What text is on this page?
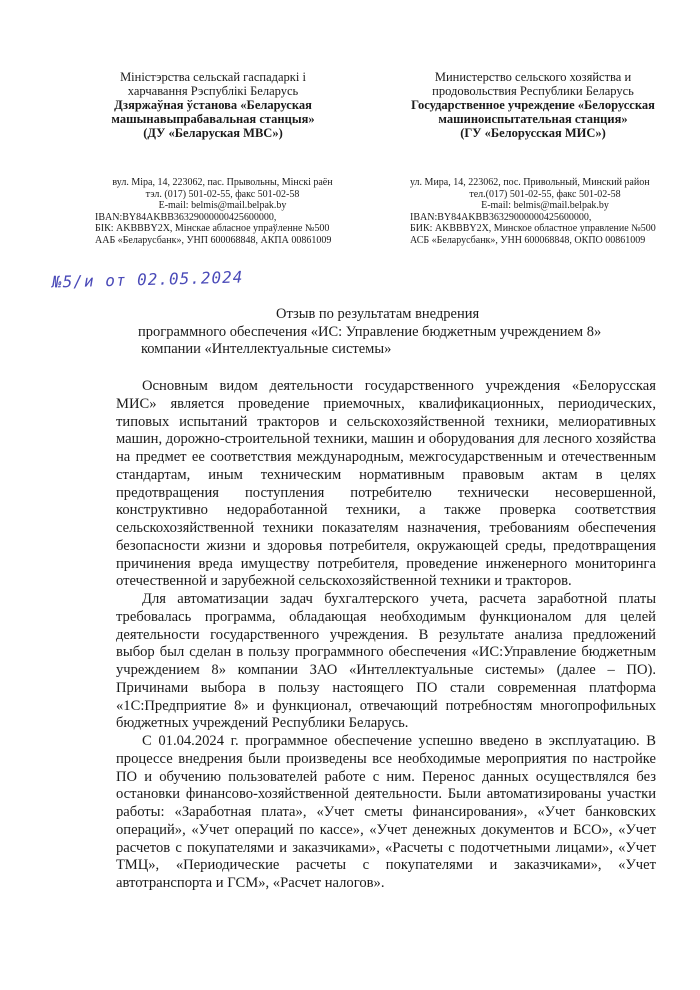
Міністэрства сельскай гаспадаркі і
харчавання Рэспублікі Беларусь
Дзяржаўная ўстанова «Беларуская
машынавыпрабавальная станцыя»
(ДУ «Беларуская МВС»)
Министерство сельского хозяйства и
продовольствия Республики Беларусь
Государственное учреждение «Белорусская
машиноиспытательная станция»
(ГУ «Белорусская МИС»)
вул. Міра, 14, 223062, пас. Прывольны, Мінскі раён
тэл. (017) 501-02-55, факс 501-02-58
E-mail: belmis@mail.belpak.by
IBAN:BY84AKBB36329000000425600000,
БІК: AKBBBY2X, Мінскае абласное упраўленне №500
ААБ «Беларусбанк», УНП 600068848, АКПА 00861009
ул. Мира, 14, 223062, пос. Привольный, Минский район
тел.(017) 501-02-55, факс 501-02-58
E-mail: belmis@mail.belpak.by
IBAN:BY84AKBB36329000000425600000,
БИК: AKBBBY2X, Минское областное управление №500
АСБ «Беларусбанк», УНН 600068848, ОКПО 00861009
№5/и от 02.05.2024
Отзыв по результатам внедрения
программного обеспечения «ИС: Управление бюджетным учреждением 8»
компании «Интеллектуальные системы»

Основным видом деятельности государственного учреждения «Белорусская МИС» является проведение приемочных, квалификационных, периодических, типовых испытаний тракторов и сельскохозяйственной техники, мелиоративных машин, дорожно-строительной техники, машин и оборудования для лесного хозяйства на предмет ее соответствия международным, межгосударственным и отечественным стандартам, иным техническим нормативным правовым актам в целях предотвращения поступления потребителю технически несовершенной, конструктивно недоработанной техники, а также проверка соответствия сельскохозяйственной техники показателям назначения, требованиям обеспечения безопасности жизни и здоровья потребителя, окружающей среды, предотвращения причинения вреда имуществу потребителя, проведение инженерного мониторинга отечественной и зарубежной сельскохозяйственной техники и тракторов.

Для автоматизации задач бухгалтерского учета, расчета заработной платы требовалась программа, обладающая необходимым функционалом для целей деятельности государственного учреждения. В результате анализа предложений выбор был сделан в пользу программного обеспечения «ИС:Управление бюджетным учреждением 8» компании ЗАО «Интеллектуальные системы» (далее – ПО). Причинами выбора в пользу настоящего ПО стали современная платформа «1С:Предприятие 8» и функционал, отвечающий потребностям многопрофильных бюджетных учреждений Республики Беларусь.

С 01.04.2024 г. программное обеспечение успешно введено в эксплуатацию. В процессе внедрения были произведены все необходимые мероприятия по настройке ПО и обучению пользователей работе с ним. Перенос данных осуществлялся без остановки финансово-хозяйственной деятельности. Были автоматизированы участки работы: «Заработная плата», «Учет сметы финансирования», «Учет банковских операций», «Учет операций по кассе», «Учет денежных документов и БСО», «Учет расчетов с покупателями и заказчиками», «Расчеты с подотчетными лицами», «Учет ТМЦ», «Периодические расчеты с покупателями и заказчиками», «Учет автотранспорта и ГСМ», «Расчет налогов».
